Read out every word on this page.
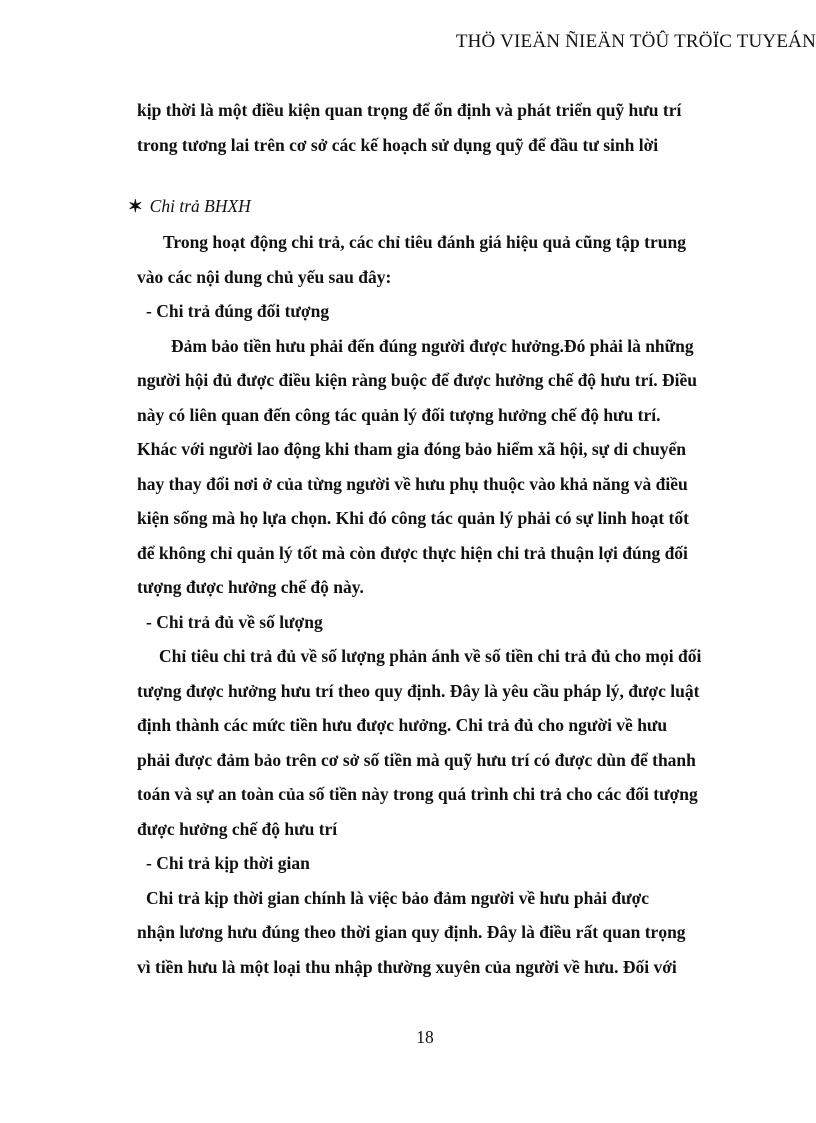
THÖ VIEÄN ÑIEÄN TÖÛ TRÖÏC TUYEÁN
kịp thời là một điều kiện quan trọng để ổn định và phát triển quỹ hưu trí
trong tương lai trên cơ sở các kế hoạch sử dụng quỹ để đầu tư sinh lời
✶ Chi trả BHXH
Trong hoạt động chi trả, các chỉ tiêu đánh giá hiệu quả cũng tập trung
vào các nội dung chủ yếu sau đây:
- Chi trả đúng đối tượng
Đảm bảo tiền hưu phải đến đúng người được hưởng.Đó phải là những
người hội đủ được điều kiện ràng buộc để được hưởng chế độ hưu trí. Điều
này có liên quan đến công tác quản lý đối tượng hưởng chế độ hưu trí.
Khác với người lao động khi tham gia đóng bảo hiểm xã hội, sự di chuyển
hay thay đổi nơi ở của từng người về hưu phụ thuộc vào khả năng và điều
kiện sống mà họ lựa chọn. Khi đó công tác quản lý phải có sự linh hoạt tốt
để không chỉ quản lý tốt mà còn được thực hiện chi trả thuận lợi đúng đối
tượng được hưởng chế độ này.
- Chi trả đủ về số lượng
Chỉ tiêu chi trả đủ về số lượng phản ánh về số tiền chi trả đủ cho mọi đối
tượng được hưởng hưu trí theo quy định. Đây là yêu cầu pháp lý, được luật
định thành các mức tiền hưu được hưởng. Chi trả đủ cho người về hưu
phải được đảm bảo trên cơ sở số tiền mà quỹ hưu trí có được dùn để thanh
toán và sự an toàn của số tiền này trong quá trình chi trả cho các đối tượng
được hưởng chế độ hưu trí
- Chi trả kịp thời gian
Chi trả kịp thời gian chính là việc bảo đảm người về hưu phải được
nhận lương hưu đúng theo thời gian quy định. Đây là điều rất quan trọng
vì tiền hưu là một loại thu nhập thường xuyên của người về hưu. Đối với
18
